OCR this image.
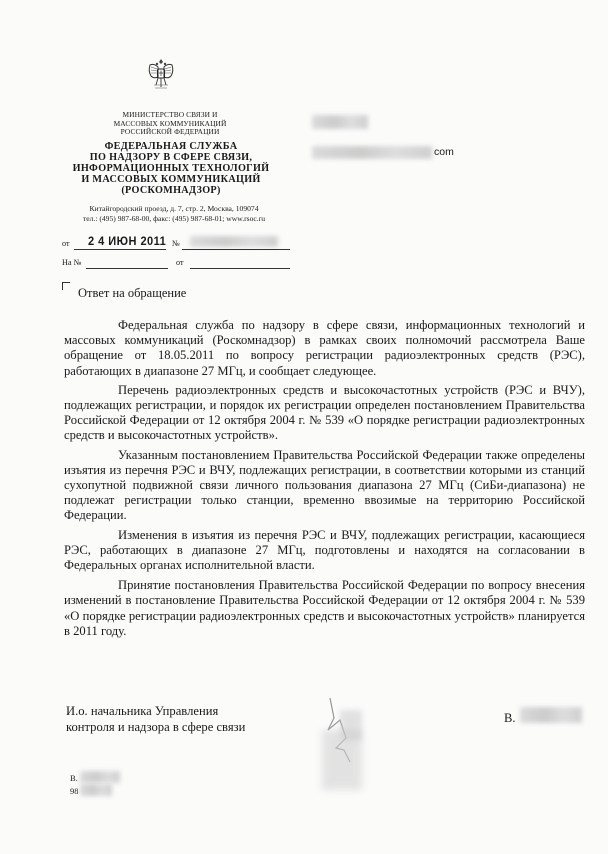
МИНИСТЕРСТВО СВЯЗИ И
МАССОВЫХ КОММУНИКАЦИЙ
РОССИЙСКОЙ ФЕДЕРАЦИИ
ФЕДЕРАЛЬНАЯ СЛУЖБА
ПО НАДЗОРУ В СФЕРЕ СВЯЗИ,
ИНФОРМАЦИОННЫХ ТЕХНОЛОГИЙ
И МАССОВЫХ КОММУНИКАЦИЙ
(РОСКОМНАДЗОР)
Китайгородский проезд, д. 7, стр. 2, Москва, 109074
тел.: (495) 987-68-00, факс: (495) 987-68-01; www.rsoc.ru
от 2 4 ИЮН 2011 №
На №	от
com
Ответ на обращение

Федеральная служба по надзору в сфере связи, информационных технологий и массовых коммуникаций (Роскомнадзор) в рамках своих полномочий рассмотрела Ваше обращение от 18.05.2011 по вопросу регистрации радиоэлектронных средств (РЭС), работающих в диапазоне 27 МГц, и сообщает следующее.

Перечень радиоэлектронных средств и высокочастотных устройств (РЭС и ВЧУ), подлежащих регистрации, и порядок их регистрации определен постановлением Правительства Российской Федерации от 12 октября 2004 г. № 539 «О порядке регистрации радиоэлектронных средств и высокочастотных устройств».

Указанным постановлением Правительства Российской Федерации также определены изъятия из перечня РЭС и ВЧУ, подлежащих регистрации, в соответствии которыми из станций сухопутной подвижной связи личного пользования диапазона 27 МГц (СиБи-диапазона) не подлежат регистрации только станции, временно ввозимые на территорию Российской Федерации.

Изменения в изъятия из перечня РЭС и ВЧУ, подлежащих регистрации, касающиеся РЭС, работающих в диапазоне 27 МГц, подготовлены и находятся на согласовании в Федеральных органах исполнительной власти.

Принятие постановления Правительства Российской Федерации по вопросу внесения изменений в постановление Правительства Российской Федерации от 12 октября 2004 г. № 539 «О порядке регистрации радиоэлектронных средств и высокочастотных устройств» планируется в 2011 году.

И.о. начальника Управления
контроля и надзора в сфере связи
В.
В.
98
